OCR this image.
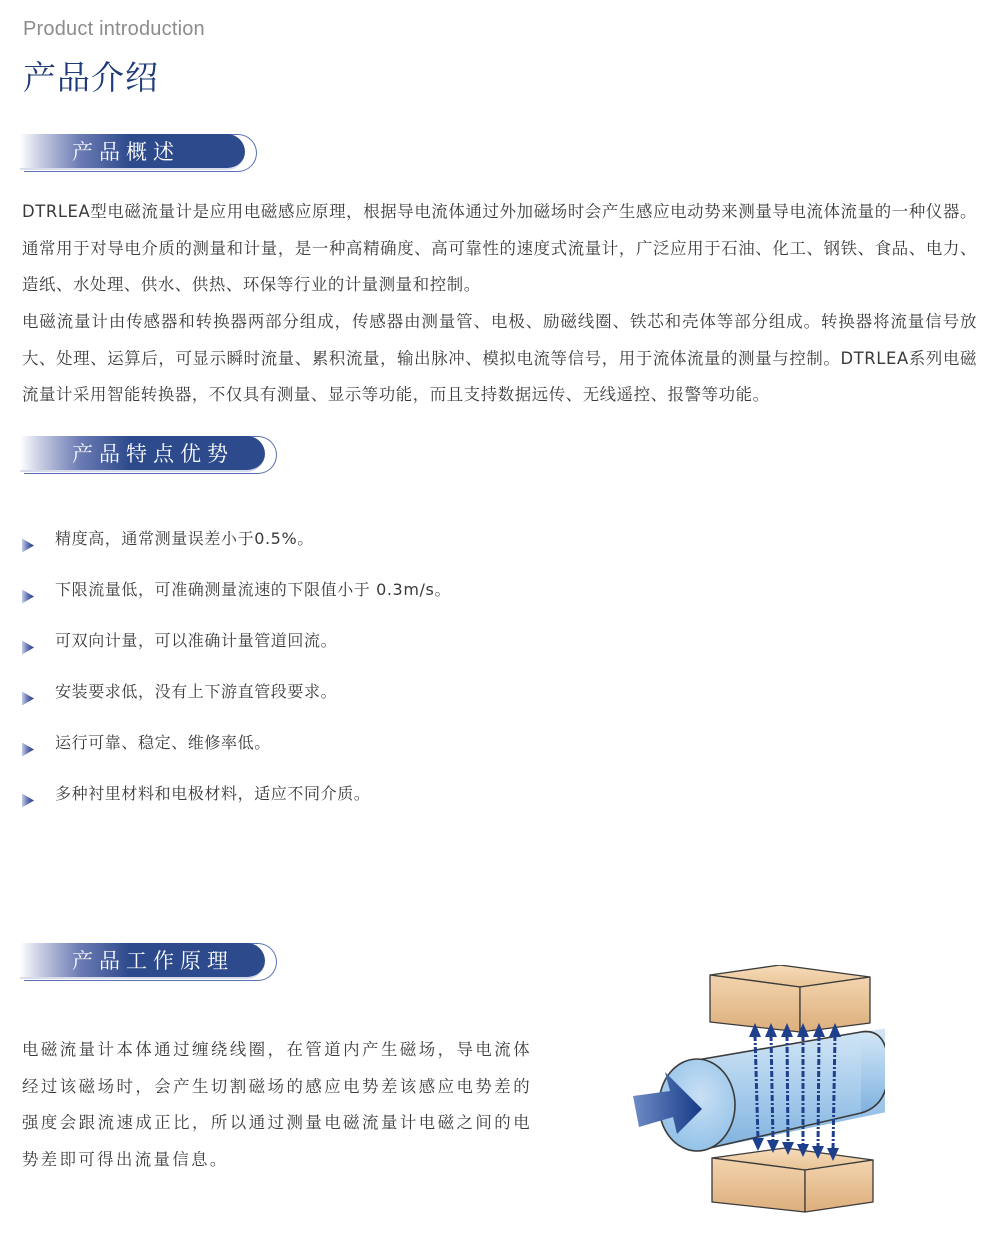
Product introduction
产品介绍
产品概述

DTRLEA型电磁流量计是应用电磁感应原理，根据导电流体通过外加磁场时会产生感应电动势来测量导电流体流量的一种仪器。通常用于对导电介质的测量和计量，是一种高精确度、高可靠性的速度式流量计，广泛应用于石油、化工、钢铁、食品、电力、造纸、水处理、供水、供热、环保等行业的计量测量和控制。

电磁流量计由传感器和转换器两部分组成，传感器由测量管、电极、励磁线圈、铁芯和壳体等部分组成。转换器将流量信号放大、处理、运算后，可显示瞬时流量、累积流量，输出脉冲、模拟电流等信号，用于流体流量的测量与控制。DTRLEA系列电磁流量计采用智能转换器，不仅具有测量、显示等功能，而且支持数据远传、无线遥控、报警等功能。

产品特点优势
精度高，通常测量误差小于0.5%。
下限流量低，可准确测量流速的下限值小于 0.3m/s。
可双向计量，可以准确计量管道回流。
安装要求低，没有上下游直管段要求。
运行可靠、稳定、维修率低。
多种衬里材料和电极材料，适应不同介质。
产品工作原理

电磁流量计本体通过缠绕线圈，在管道内产生磁场，导电流体经过该磁场时，会产生切割磁场的感应电势差该感应电势差的强度会跟流速成正比，所以通过测量电磁流量计电磁之间的电势差即可得出流量信息。
